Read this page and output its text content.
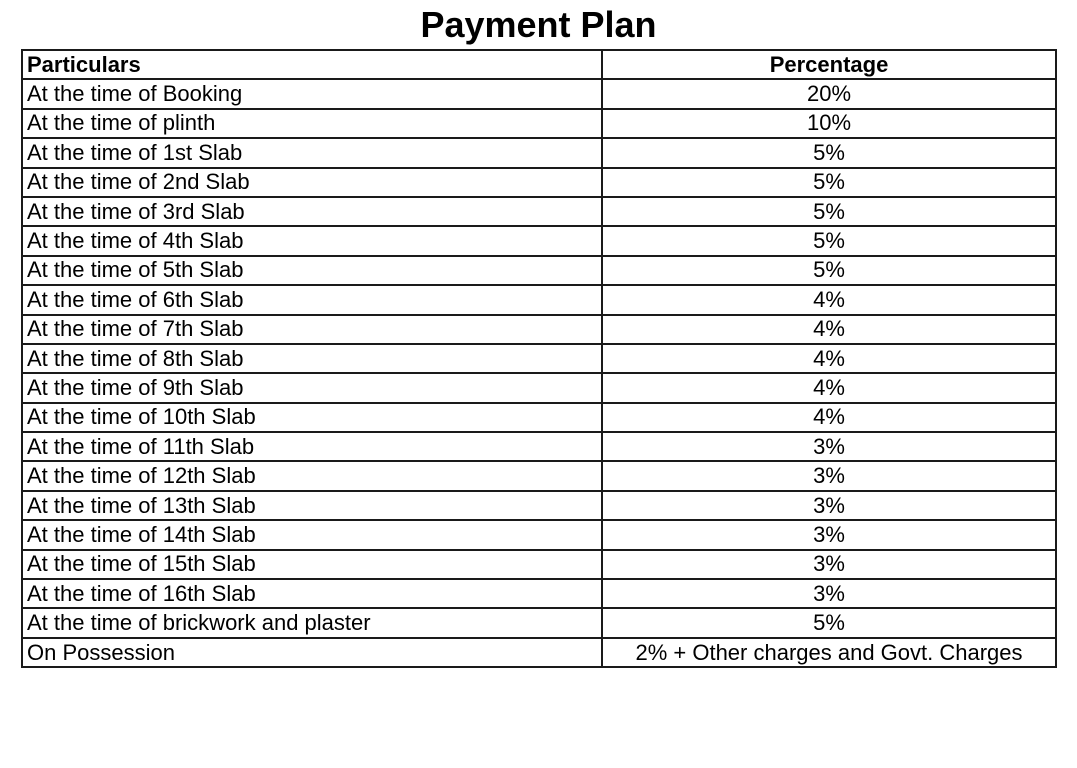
Payment Plan
Particulars	Percentage
At the time of Booking	20%
At the time of plinth	10%
At the time of 1st Slab	5%
At the time of 2nd Slab	5%
At the time of 3rd Slab	5%
At the time of 4th Slab	5%
At the time of 5th Slab	5%
At the time of 6th Slab	4%
At the time of 7th Slab	4%
At the time of 8th Slab	4%
At the time of 9th Slab	4%
At the time of 10th Slab	4%
At the time of 11th Slab	3%
At the time of 12th Slab	3%
At the time of 13th Slab	3%
At the time of 14th Slab	3%
At the time of 15th Slab	3%
At the time of 16th Slab	3%
At the time of brickwork and plaster	5%
On Possession	2% + Other charges and Govt. Charges
